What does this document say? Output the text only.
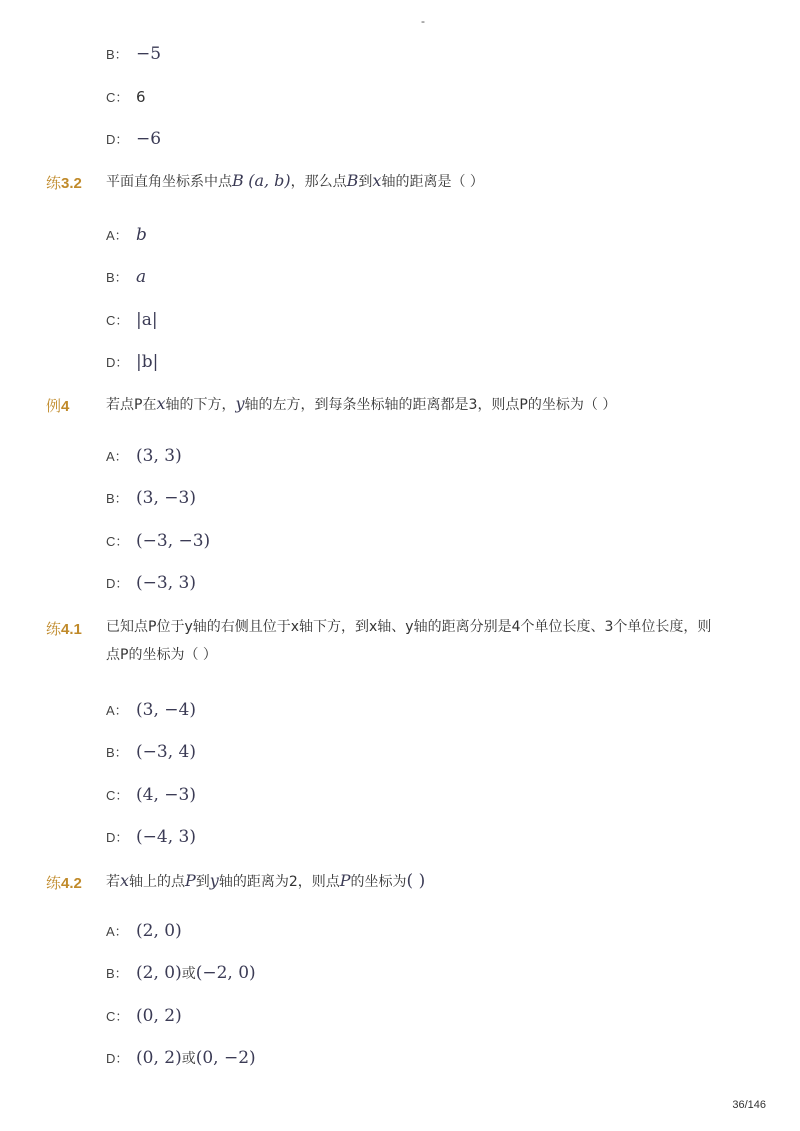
-
B： −5
C： 6
D： −6
练3.2 平面直角坐标系中点B (a, b)，那么点B到x轴的距离是（ ）
A： b
B： a
C： |a|
D： |b|
例4	若点P在x轴的下方，y轴的左方，到每条坐标轴的距离都是3，则点P的坐标为（ ）
A： (3, 3)
B： (3, −3)
C： (−3, −3)
D： (−3, 3)
练4.1 已知点P位于y轴的右侧且位于x轴下方，到x轴、y轴的距离分别是4个单位长度、3个单位长度，则
点P的坐标为（ ）
A： (3, −4)
B： (−3, 4)
C： (4, −3)
D： (−4, 3)
练4.2 若x轴上的点P到y轴的距离为2，则点P的坐标为( )
A： (2, 0)
B： (2, 0)或(−2, 0)
C： (0, 2)
D： (0, 2)或(0, −2)
36/146
